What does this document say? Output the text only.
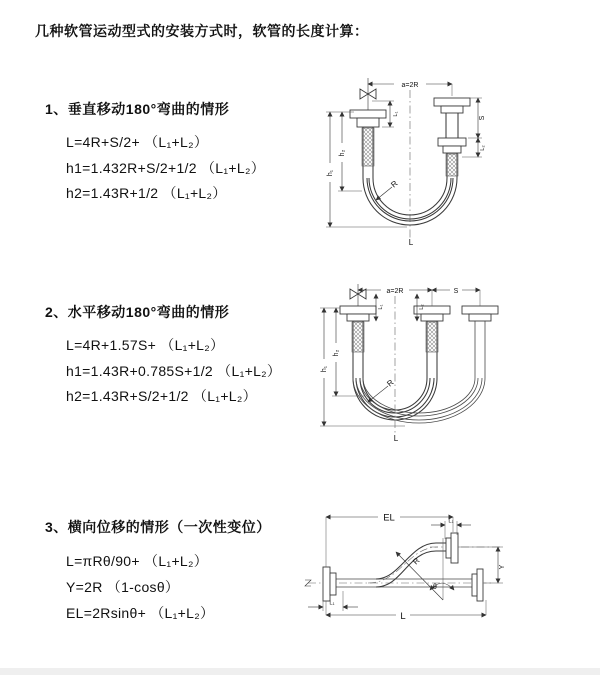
几种软管运动型式的安装方式时，软管的长度计算：
1、垂直移动180°弯曲的情形
L=4R+S/2+ （L₁+L₂）
h1=1.432R+S/2+1/2 （L₁+L₂）
h2=1.43R+1/2 （L₁+L₂）
2、水平移动180°弯曲的情形
L=4R+1.57S+ （L₁+L₂）
h1=1.43R+0.785S+1/2 （L₁+L₂）
h2=1.43R+S/2+1/2 （L₁+L₂）
3、横向位移的情形（一次性变位）
L=πRθ/90+ （L₁+L₂）
Y=2R （1-cosθ）
EL=2Rsinθ+ （L₁+L₂）
a=2R
h₁
h₂
L₁
S
L₂
R
L
a=2R	S
h₁
h₂
L₁	L₂
R
L
EL	L₁
Y
R
θ
L
L₁
